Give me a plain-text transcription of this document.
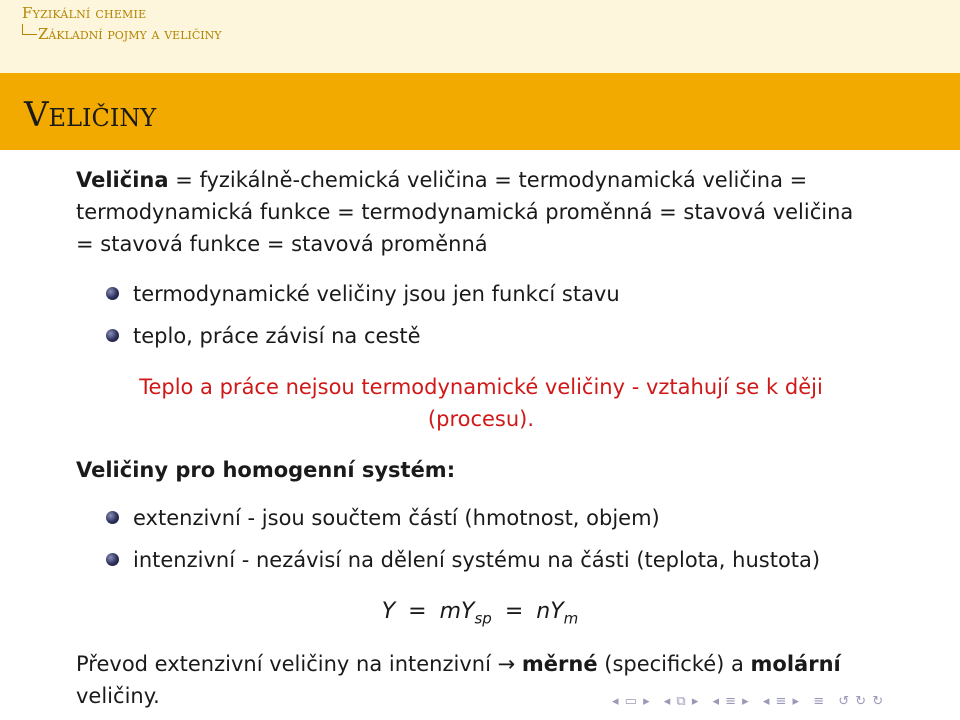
Fyzikální chemie
Základní pojmy a veličiny
Veličiny
Veličina = fyzikálně-chemická veličina = termodynamická veličina =
termodynamická funkce = termodynamická proměnná = stavová veličina
= stavová funkce = stavová proměnná
termodynamické veličiny jsou jen funkcí stavu
teplo, práce závisí na cestě
Teplo a práce nejsou termodynamické veličiny - vztahují se k ději
(procesu).
Veličiny pro homogenní systém:
extenzivní - jsou součtem částí (hmotnost, objem)
intenzivní - nezávisí na dělení systému na části (teplota, hustota)
$Y = mY_{sp} = nY_m$
Převod extenzivní veličiny na intenzivní → měrné (specifické) a molární
veličiny.	◂ ▭ ▸ ◂ ⧉ ▸ ◂ ≡ ▸ ◂ ≡ ▸ ≡ ↺ ↻ ↻
